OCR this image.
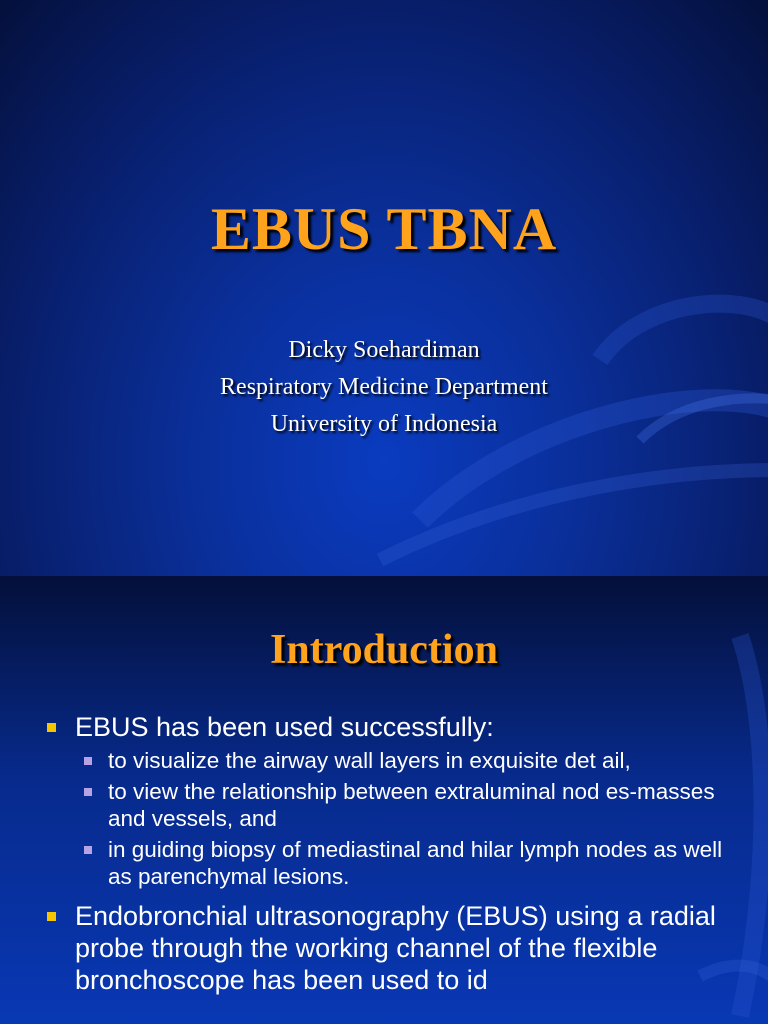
EBUS TBNA
Dicky Soehardiman
Respiratory Medicine Department
University of Indonesia
Introduction
EBUS has been used successfully:
to visualize the airway wall layers in exquisite det ail,
to view the relationship between extraluminal nod es-masses and vessels, and
in guiding biopsy of mediastinal and hilar lymph nodes as well as parenchymal lesions.
Endobronchial ultrasonography (EBUS) using a radial probe through the working channel of the flexible bronchoscope has been used to id
